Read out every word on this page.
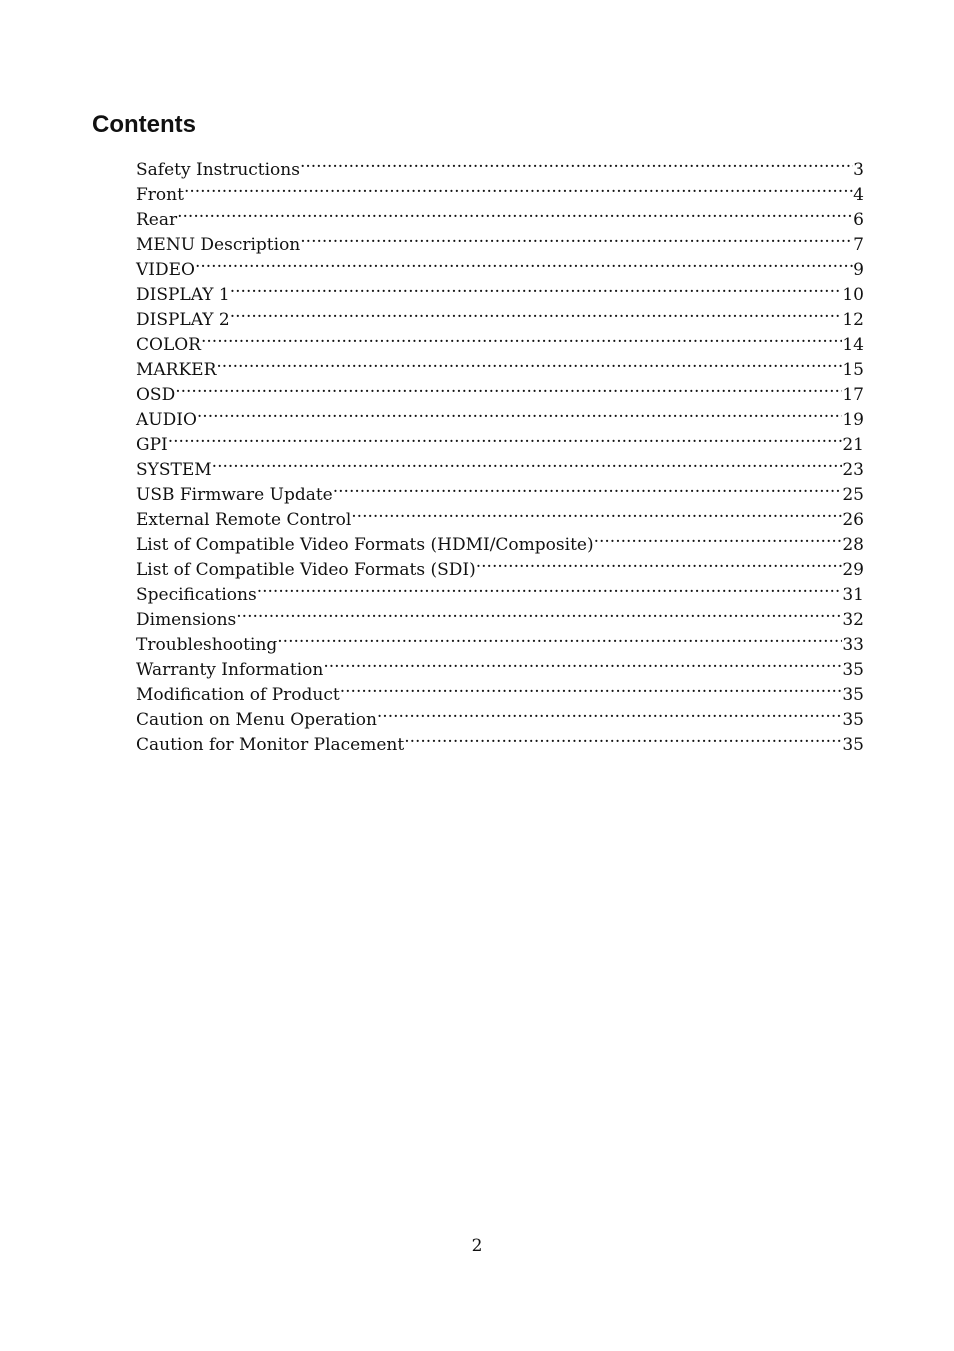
Contents
Safety Instructions .....	3
Front .....	4
Rear .....	6
MENU Description .....	7
VIDEO .....	9
DISPLAY 1 .....	10
DISPLAY 2 .....	12
COLOR .....	14
MARKER .....	15
OSD .....	17
AUDIO .....	19
GPI .....	21
SYSTEM .....	23
USB Firmware Update .....	25
External Remote Control .....	26
List of Compatible Video Formats (HDMI/Composite) .....	28
List of Compatible Video Formats (SDI) .....	29
Specifications .....	31
Dimensions .....	32
Troubleshooting .....	33
Warranty Information .....	35
Modification of Product .....	35
Caution on Menu Operation .....	35
Caution for Monitor Placement .....	35
2
